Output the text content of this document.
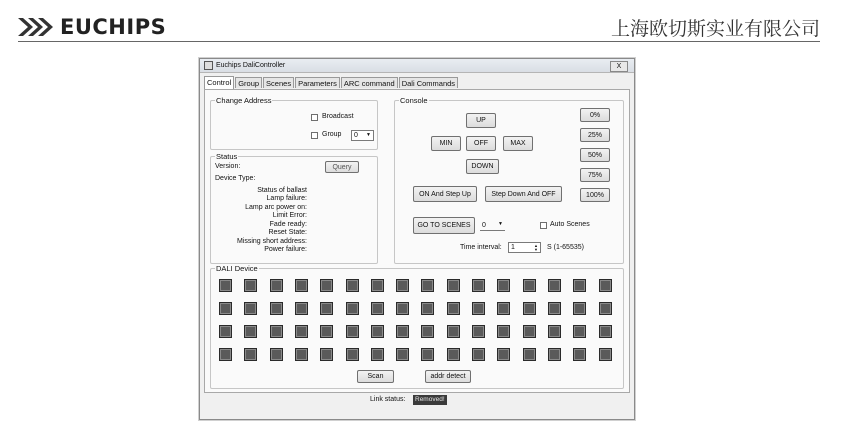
EUCHIPS	上海欧切斯实业有限公司
Euchips DaliController	X
Control Group Scenes Parameters ARC command Dali Commands
Change Address
Broadcast
Group 0 ▼
Status
Version:	Query
Device Type:
Status of ballast
Lamp failure:
Lamp arc power on:
Limit Error:
Fade ready:
Reset State:
Missing short address:
Power failure:
Console
UP
MIN	OFF	MAX
DOWN
ON And Step Up	Step Down And OFF
0%
25%
50%
75%
100%
GO TO SCENES	0 ▼	Auto Scenes
Time interval: 1	▲
▼ S (1-65535)
DALI Device
Scan	addr detect
Link status:	Removed!
